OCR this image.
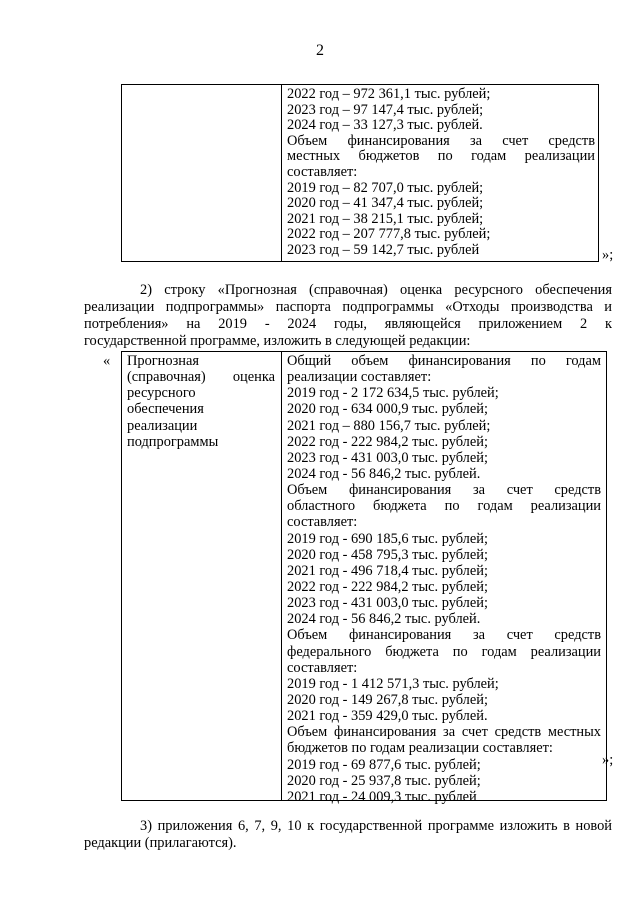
2
2022 год – 972 361,1 тыс. рублей;
2023 год – 97 147,4 тыс. рублей;
2024 год – 33 127,3 тыс. рублей.
Объем финансирования за счет средств
местных бюджетов по годам реализации
составляет:
2019 год – 82 707,0 тыс. рублей;
2020 год – 41 347,4 тыс. рублей;
2021 год – 38 215,1 тыс. рублей;
2022 год – 207 777,8 тыс. рублей;
2023 год – 59 142,7 тыс. рублей	»;
2) строку «Прогнозная (справочная) оценка ресурсного обеспечения
реализации подпрограммы» паспорта подпрограммы «Отходы производства и
потребления» на 2019 - 2024 годы, являющейся приложением 2 к
государственной программе, изложить в следующей редакции:
« Прогнозная
(справочная) оценка
ресурсного
обеспечения
реализации
подпрограммы
Общий объем финансирования по годам
реализации составляет:
2019 год - 2 172 634,5 тыс. рублей;
2020 год - 634 000,9 тыс. рублей;
2021 год – 880 156,7 тыс. рублей;
2022 год - 222 984,2 тыс. рублей;
2023 год - 431 003,0 тыс. рублей;
2024 год - 56 846,2 тыс. рублей.
Объем финансирования за счет средств
областного бюджета по годам реализации
составляет:
2019 год - 690 185,6 тыс. рублей;
2020 год - 458 795,3 тыс. рублей;
2021 год - 496 718,4 тыс. рублей;
2022 год - 222 984,2 тыс. рублей;
2023 год - 431 003,0 тыс. рублей;
2024 год - 56 846,2 тыс. рублей.
Объем финансирования за счет средств
федерального бюджета по годам реализации
составляет:
2019 год - 1 412 571,3 тыс. рублей;
2020 год - 149 267,8 тыс. рублей;
2021 год - 359 429,0 тыс. рублей.
Объем финансирования за счет средств местных
бюджетов по годам реализации составляет:
2019 год - 69 877,6 тыс. рублей;
2020 год - 25 937,8 тыс. рублей;
2021 год - 24 009,3 тыс. рублей
»;
3) приложения 6, 7, 9, 10 к государственной программе изложить в новой
редакции (прилагаются).
